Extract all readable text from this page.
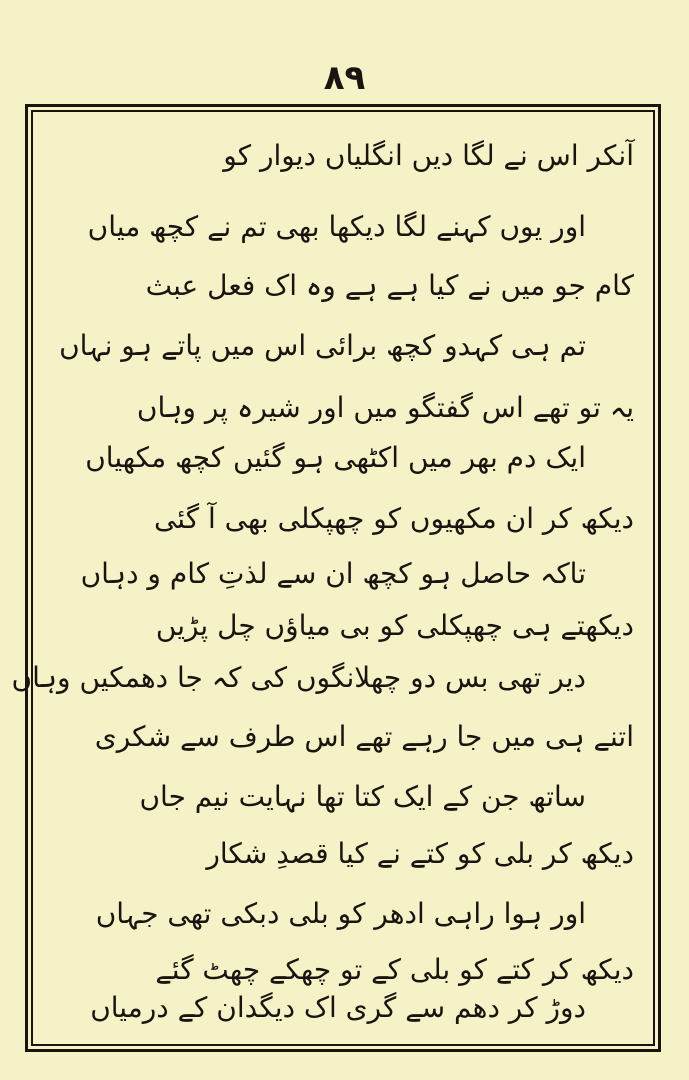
۸۹
آنکر اس نے لگا دیں انگلیاں دیوار کو
اور یوں کہنے لگا دیکھا بھی تم نے کچھ میاں
کام جو میں نے کیا ہے ہے وہ اک فعل عبث
تم ہی کہدو کچھ برائی اس میں پاتے ہو نہاں
یہ تو تھے اس گفتگو میں اور شیرہ پر وہاں
ایک دم بھر میں اکٹھی ہو گئیں کچھ مکھیاں
دیکھ کر ان مکھیوں کو چھپکلی بھی آ گئی
تاکہ حاصل ہو کچھ ان سے لذتِ کام و دہاں
دیکھتے ہی چھپکلی کو بی میاؤں چل پڑیں
دیر تھی بس دو چھلانگوں کی کہ جا دھمکیں وہاں
اتنے ہی میں جا رہے تھے اس طرف سے شکری
ساتھ جن کے ایک کتا تھا نہایت نیم جاں
دیکھ کر بلی کو کتے نے کیا قصدِ شکار
اور ہوا راہی ادھر کو بلی دبکی تھی جہاں
دیکھ کر کتے کو بلی کے تو چھکے چھٹ گئے
دوڑ کر دھم سے گری اک دیگدان کے درمیاں
